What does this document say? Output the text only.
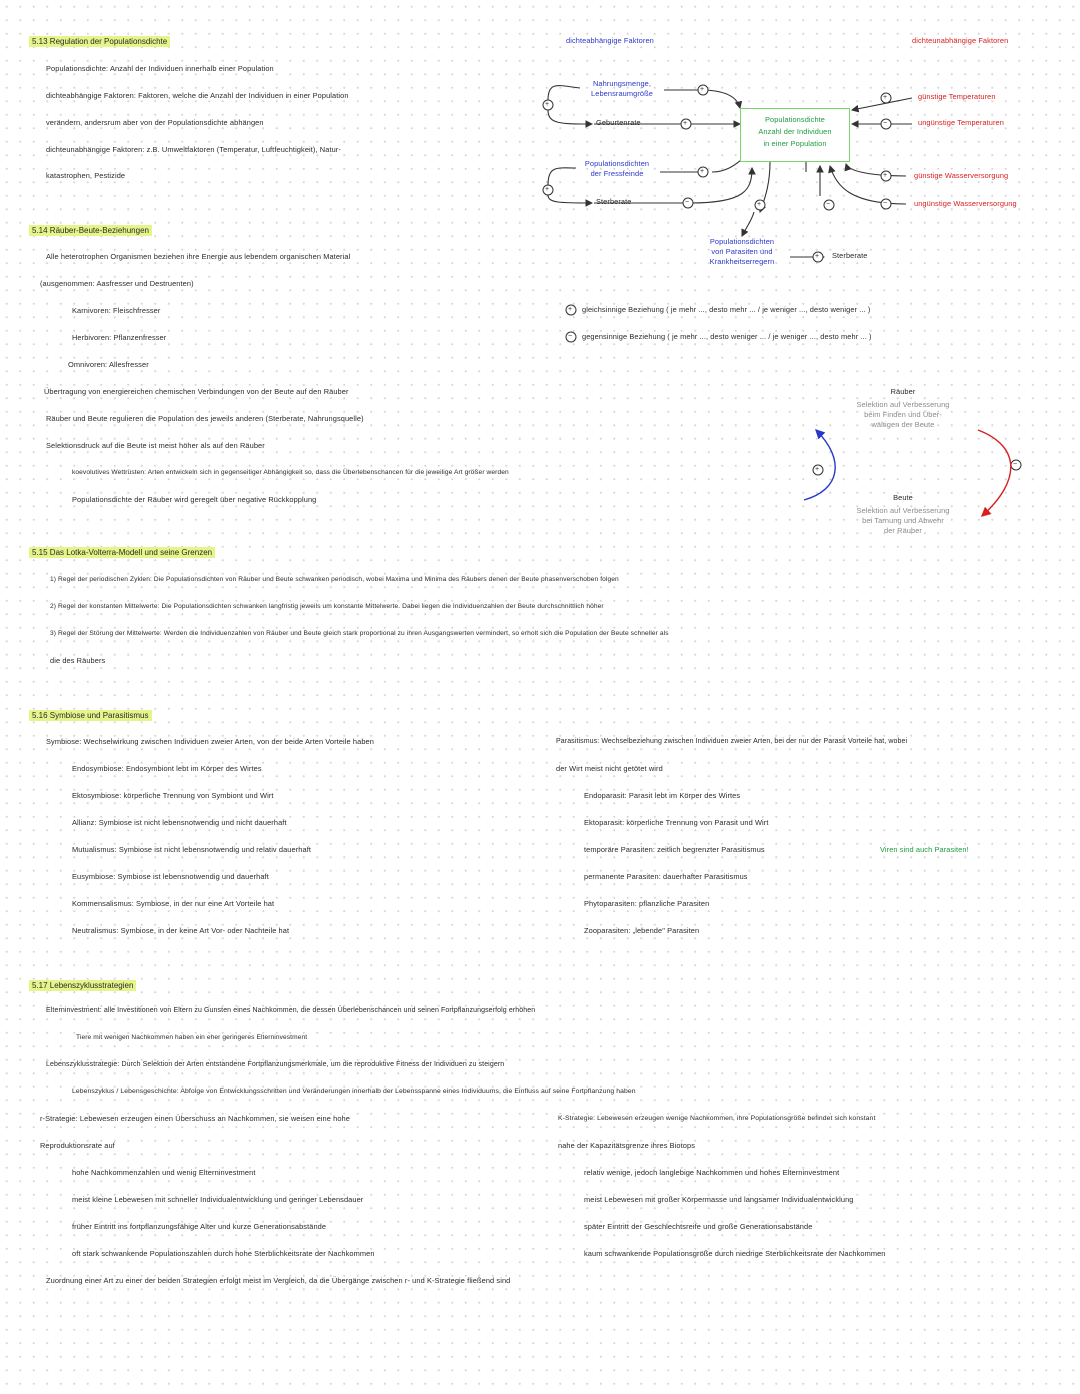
5.13 Regulation der Populationsdichte
Populationsdichte: Anzahl der Individuen innerhalb einer Population
dichteabhängige Faktoren: Faktoren, welche die Anzahl der Individuen in einer Population
verändern, andersrum aber von der Populationsdichte abhängen
dichteunabhängige Faktoren: z.B. Umweltfaktoren (Temperatur, Luftfeuchtigkeit), Natur-
katastrophen, Pestizide
+
+
+
+
+
−	+	−
+
−
+
−
+
dichteabhängige Faktoren	dichteunabhängige Faktoren
Nahrungsmenge,
Lebensraumgröße
Geburtenrate
Populationsdichten
der Fressfeinde
Sterberate
Populationsdichte
Anzahl der Individuen
in einer Population
Populationsdichten
von Parasiten und
Krankheitserregern
Sterberate
günstige Temperaturen
ungünstige Temperaturen
günstige Wasserversorgung
ungünstige Wasserversorgung
+
−
gleichsinnige Beziehung ( je mehr ..., desto mehr ... / je weniger ..., desto weniger ... )
gegensinnige Beziehung ( je mehr ..., desto weniger ... / je weniger ..., desto mehr ... )
5.14 Räuber-Beute-Beziehungen
Alle heterotrophen Organismen beziehen ihre Energie aus lebendem organischen Material
(ausgenommen: Aasfresser und Destruenten)
Karnivoren: Fleischfresser
Herbivoren: Pflanzenfresser
Omnivoren: Allesfresser
Übertragung von energiereichen chemischen Verbindungen von der Beute auf den Räuber
Räuber und Beute regulieren die Population des jeweils anderen (Sterberate, Nahrungsquelle)
Selektionsdruck auf die Beute ist meist höher als auf den Räuber
koevolutives Wettrüsten: Arten entwickeln sich in gegenseitiger Abhängigkeit so, dass die Überlebenschancen für die jeweilige Art größer werden
Populationsdichte der Räuber wird geregelt über negative Rückkopplung
+
−
Räuber
Selektion auf Verbesserung
beim Finden und Über-
wältigen der Beute
Beute
Selektion auf Verbesserung
bei Tarnung und Abwehr
der Räuber
5.15 Das Lotka-Volterra-Modell und seine Grenzen
1) Regel der periodischen Zyklen: Die Populationsdichten von Räuber und Beute schwanken periodisch, wobei Maxima und Minima des Räubers denen der Beute phasenverschoben folgen
2) Regel der konstanten Mittelwerte: Die Populationsdichten schwanken langfristig jeweils um konstante Mittelwerte. Dabei liegen die Individuenzahlen der Beute durchschnittlich höher
3) Regel der Störung der Mittelwerte: Werden die Individuenzahlen von Räuber und Beute gleich stark proportional zu ihren Ausgangswerten vermindert, so erholt sich die Population der Beute schneller als
die des Räubers
5.16 Symbiose und Parasitismus
Symbiose: Wechselwirkung zwischen Individuen zweier Arten, von der beide Arten Vorteile haben
Endosymbiose: Endosymbiont lebt im Körper des Wirtes
Ektosymbiose: körperliche Trennung von Symbiont und Wirt
Allianz: Symbiose ist nicht lebensnotwendig und nicht dauerhaft
Mutualismus: Symbiose ist nicht lebensnotwendig und relativ dauerhaft
Eusymbiose: Symbiose ist lebensnotwendig und dauerhaft
Kommensalismus: Symbiose, in der nur eine Art Vorteile hat
Neutralismus: Symbiose, in der keine Art Vor- oder Nachteile hat
Parasitismus: Wechselbeziehung zwischen Individuen zweier Arten, bei der nur der Parasit Vorteile hat, wobei
der Wirt meist nicht getötet wird
Endoparasit: Parasit lebt im Körper des Wirtes
Ektoparasit: körperliche Trennung von Parasit und Wirt
temporäre Parasiten: zeitlich begrenzter Parasitismus	Viren sind auch Parasiten!
permanente Parasiten: dauerhafter Parasitismus
Phytoparasiten: pflanzliche Parasiten
Zooparasiten: „lebende" Parasiten
5.17 Lebenszyklusstrategien
Elterninvestment: alle Investitionen von Eltern zu Gunsten eines Nachkommen, die dessen Überlebenschancen und seinen Fortpflanzungserfolg erhöhen
Tiere mit wenigen Nachkommen haben ein eher geringeres Elterninvestment
Lebenszyklusstrategie: Durch Selektion der Arten entstandene Fortpflanzungsmerkmale, um die reproduktive Fitness der Individuen zu steigern
Lebenszyklus / Lebensgeschichte: Abfolge von Entwicklungsschritten und Veränderungen innerhalb der Lebensspanne eines Individuums, die Einfluss auf seine Fortpflanzung haben
r-Strategie: Lebewesen erzeugen einen Überschuss an Nachkommen, sie weisen eine hohe
Reproduktionsrate auf
hohe Nachkommenzahlen und wenig Elterninvestment
meist kleine Lebewesen mit schneller Individualentwicklung und geringer Lebensdauer
früher Eintritt ins fortpflanzungsfähige Alter und kurze Generationsabstände
oft stark schwankende Populationszahlen durch hohe Sterblichkeitsrate der Nachkommen
K-Strategie: Lebewesen erzeugen wenige Nachkommen, ihre Populationsgröße befindet sich konstant
nahe der Kapazitätsgrenze ihres Biotops
relativ wenige, jedoch langlebige Nachkommen und hohes Elterninvestment
meist Lebewesen mit großer Körpermasse und langsamer Individualentwicklung
später Eintritt der Geschlechtsreife und große Generationsabstände
kaum schwankende Populationsgröße durch niedrige Sterblichkeitsrate der Nachkommen
Zuordnung einer Art zu einer der beiden Strategien erfolgt meist im Vergleich, da die Übergänge zwischen r- und K-Strategie fließend sind
